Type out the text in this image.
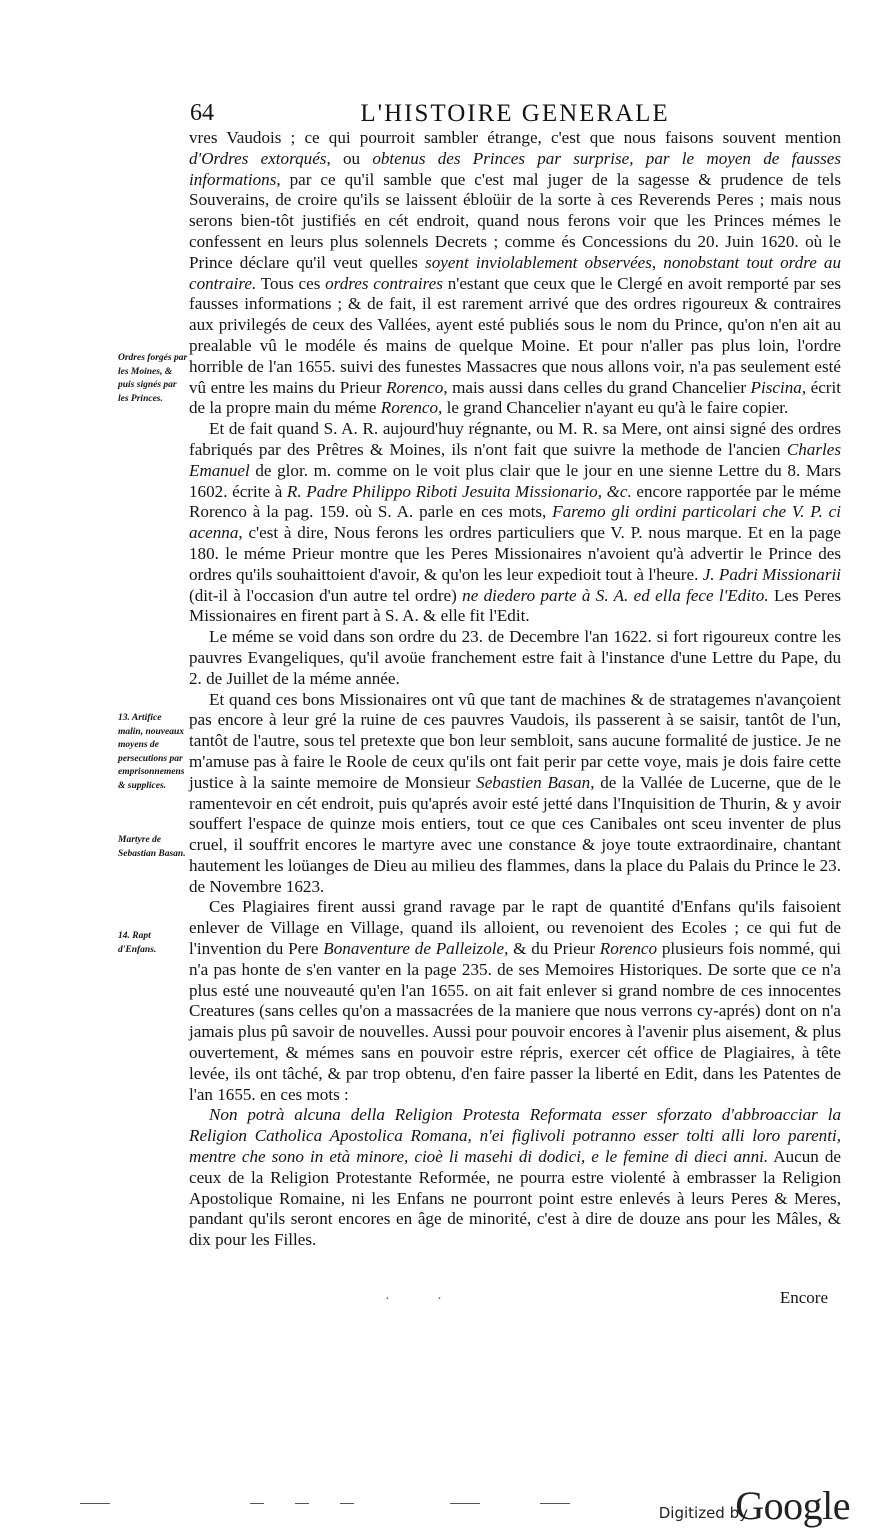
64	L'HISTOIRE GENERALE

vres Vaudois ; ce qui pourroit sambler étrange, c'est que nous faisons souvent mention d'Ordres extorqués, ou obtenus des Princes par surprise, par le moyen de fausses informations, par ce qu'il samble que c'est mal juger de la sagesse & prudence de tels Souverains, de croire qu'ils se laissent ébloüir de la sorte à ces Reverends Peres ; mais nous serons bien-tôt justifiés en cét endroit, quand nous ferons voir que les Princes mémes le confessent en leurs plus solennels Decrets ; comme és Concessions du 20. Juin 1620. où le Prince déclare qu'il veut quelles soyent inviolablement observées, nonobstant tout ordre au contraire. Tous ces ordres contraires n'estant que ceux que le Clergé en avoit remporté par ses fausses informations ; & de fait, il est rarement arrivé que des ordres rigoureux & contraires aux privilegés de ceux des Vallées, ayent esté publiés sous le nom du Prince, qu'on n'en ait au prealable vû le modéle és mains de quelque Moine. Et pour n'aller pas plus loin, l'ordre horrible de l'an 1655. suivi des funestes Massacres que nous allons voir, n'a pas seulement esté vû entre les mains du Prieur Rorenco, mais aussi dans celles du grand Chancelier Piscina, écrit de la propre main du méme Rorenco, le grand Chancelier n'ayant eu qu'à le faire copier.

Et de fait quand S. A. R. aujourd'huy régnante, ou M. R. sa Mere, ont ainsi signé des ordres fabriqués par des Prêtres & Moines, ils n'ont fait que suivre la methode de l'ancien Charles Emanuel de glor. m. comme on le voit plus clair que le jour en une sienne Lettre du 8. Mars 1602. écrite à R. Padre Philippo Riboti Jesuita Missionario, &c. encore rapportée par le méme Rorenco à la pag. 159. où S. A. parle en ces mots, Faremo gli ordini particolari che V. P. ci acenna, c'est à dire, Nous ferons les ordres particuliers que V. P. nous marque. Et en la page 180. le méme Prieur montre que les Peres Missionaires n'avoient qu'à advertir le Prince des ordres qu'ils souhaittoient d'avoir, & qu'on les leur expedioit tout à l'heure. J. Padri Missionarii (dit-il à l'occasion d'un autre tel ordre) ne diedero parte à S. A. ed ella fece l'Edito. Les Peres Missionaires en firent part à S. A. & elle fit l'Edit.

Le méme se void dans son ordre du 23. de Decembre l'an 1622. si fort rigoureux contre les pauvres Evangeliques, qu'il avoüe franchement estre fait à l'instance d'une Lettre du Pape, du 2. de Juillet de la méme année.

Et quand ces bons Missionaires ont vû que tant de machines & de stratagemes n'avançoient pas encore à leur gré la ruine de ces pauvres Vaudois, ils passerent à se saisir, tantôt de l'un, tantôt de l'autre, sous tel pretexte que bon leur sembloit, sans aucune formalité de justice. Je ne m'amuse pas à faire le Roole de ceux qu'ils ont fait perir par cette voye, mais je dois faire cette justice à la sainte memoire de Monsieur Sebastien Basan, de la Vallée de Lucerne, que de le ramentevoir en cét endroit, puis qu'aprés avoir esté jetté dans l'Inquisition de Thurin, & y avoir souffert l'espace de quinze mois entiers, tout ce que ces Canibales ont sceu inventer de plus cruel, il souffrit encores le martyre avec une constance & joye toute extraordinaire, chantant hautement les loüanges de Dieu au milieu des flammes, dans la place du Palais du Prince le 23. de Novembre 1623.

Ces Plagiaires firent aussi grand ravage par le rapt de quantité d'Enfans qu'ils faisoient enlever de Village en Village, quand ils alloient, ou revenoient des Ecoles ; ce qui fut de l'invention du Pere Bonaventure de Palleizole, & du Prieur Rorenco plusieurs fois nommé, qui n'a pas honte de s'en vanter en la page 235. de ses Memoires Historiques. De sorte que ce n'a plus esté une nouveauté qu'en l'an 1655. on ait fait enlever si grand nombre de ces innocentes Creatures (sans celles qu'on a massacrées de la maniere que nous verrons cy-aprés) dont on n'a jamais plus pû savoir de nouvelles. Aussi pour pouvoir encores à l'avenir plus aisement, & plus ouvertement, & mémes sans en pouvoir estre répris, exercer cét office de Plagiaires, à tête levée, ils ont tâché, & par trop obtenu, d'en faire passer la liberté en Edit, dans les Patentes de l'an 1655. en ces mots :

Non potrà alcuna della Religion Protesta Reformata esser sforzato d'abbroacciar la Religion Catholica Apostolica Romana, n'ei figlivoli potranno esser tolti alli loro parenti, mentre che sono in età minore, cioè li masehi di dodici, e le femine di dieci anni. Aucun de ceux de la Religion Protestante Reformée, ne pourra estre violenté à embrasser la Religion Apostolique Romaine, ni les Enfans ne pourront point estre enlevés à leurs Peres & Meres, pandant qu'ils seront encores en âge de minorité, c'est à dire de douze ans pour les Mâles, & dix pour les Filles.

Ordres forgés par les Moines, & puis signés par les Princes.
13. Artifice malin, nouveaux moyens de persecutions par emprisonnemens & supplices.
Martyre de Sebastian Basan.
14. Rapt d'Enfans.
· ·	Encore
Digitized by
Google
